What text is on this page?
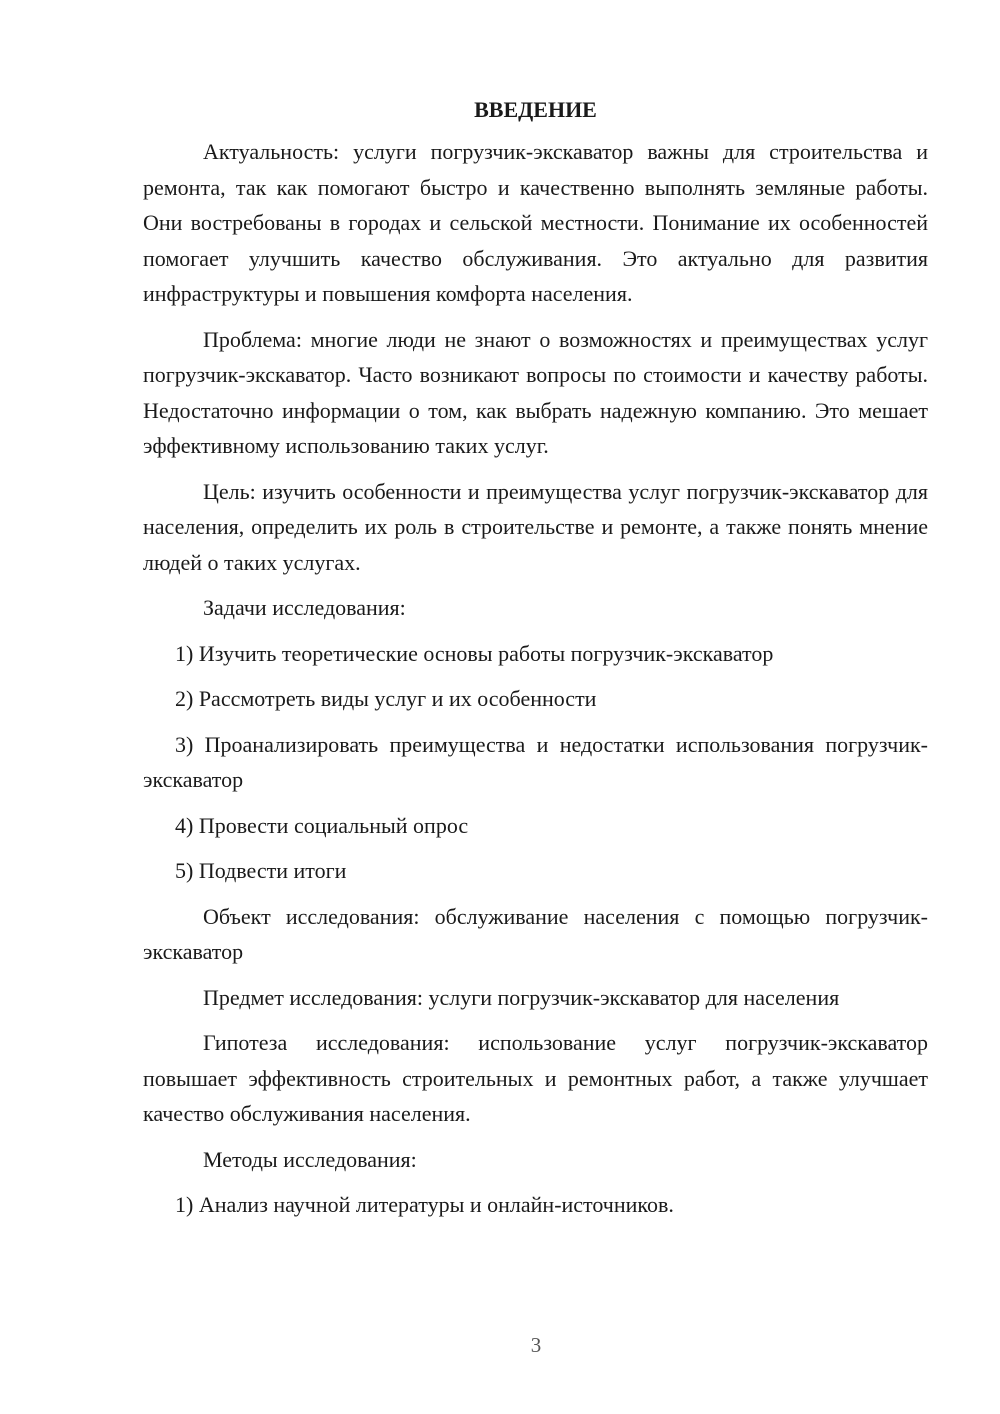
ВВЕДЕНИЕ

Актуальность: услуги погрузчик-экскаватор важны для строительства и ремонта, так как помогают быстро и качественно выполнять земляные работы. Они востребованы в городах и сельской местности. Понимание их особенностей помогает улучшить качество обслуживания. Это актуально для развития инфраструктуры и повышения комфорта населения.

Проблема: многие люди не знают о возможностях и преимуществах услуг погрузчик-экскаватор. Часто возникают вопросы по стоимости и качеству работы. Недостаточно информации о том, как выбрать надежную компанию. Это мешает эффективному использованию таких услуг.

Цель: изучить особенности и преимущества услуг погрузчик-экскаватор для населения, определить их роль в строительстве и ремонте, а также понять мнение людей о таких услугах.

Задачи исследования:

1) Изучить теоретические основы работы погрузчик-экскаватор

2) Рассмотреть виды услуг и их особенности

3) Проанализировать преимущества и недостатки использования погрузчик-экскаватор

4) Провести социальный опрос

5) Подвести итоги

Объект исследования: обслуживание населения с помощью погрузчик-экскаватор

Предмет исследования: услуги погрузчик-экскаватор для населения

Гипотеза исследования: использование услуг погрузчик-экскаватор повышает эффективность строительных и ремонтных работ, а также улучшает качество обслуживания населения.

Методы исследования:

1) Анализ научной литературы и онлайн-источников.

3
